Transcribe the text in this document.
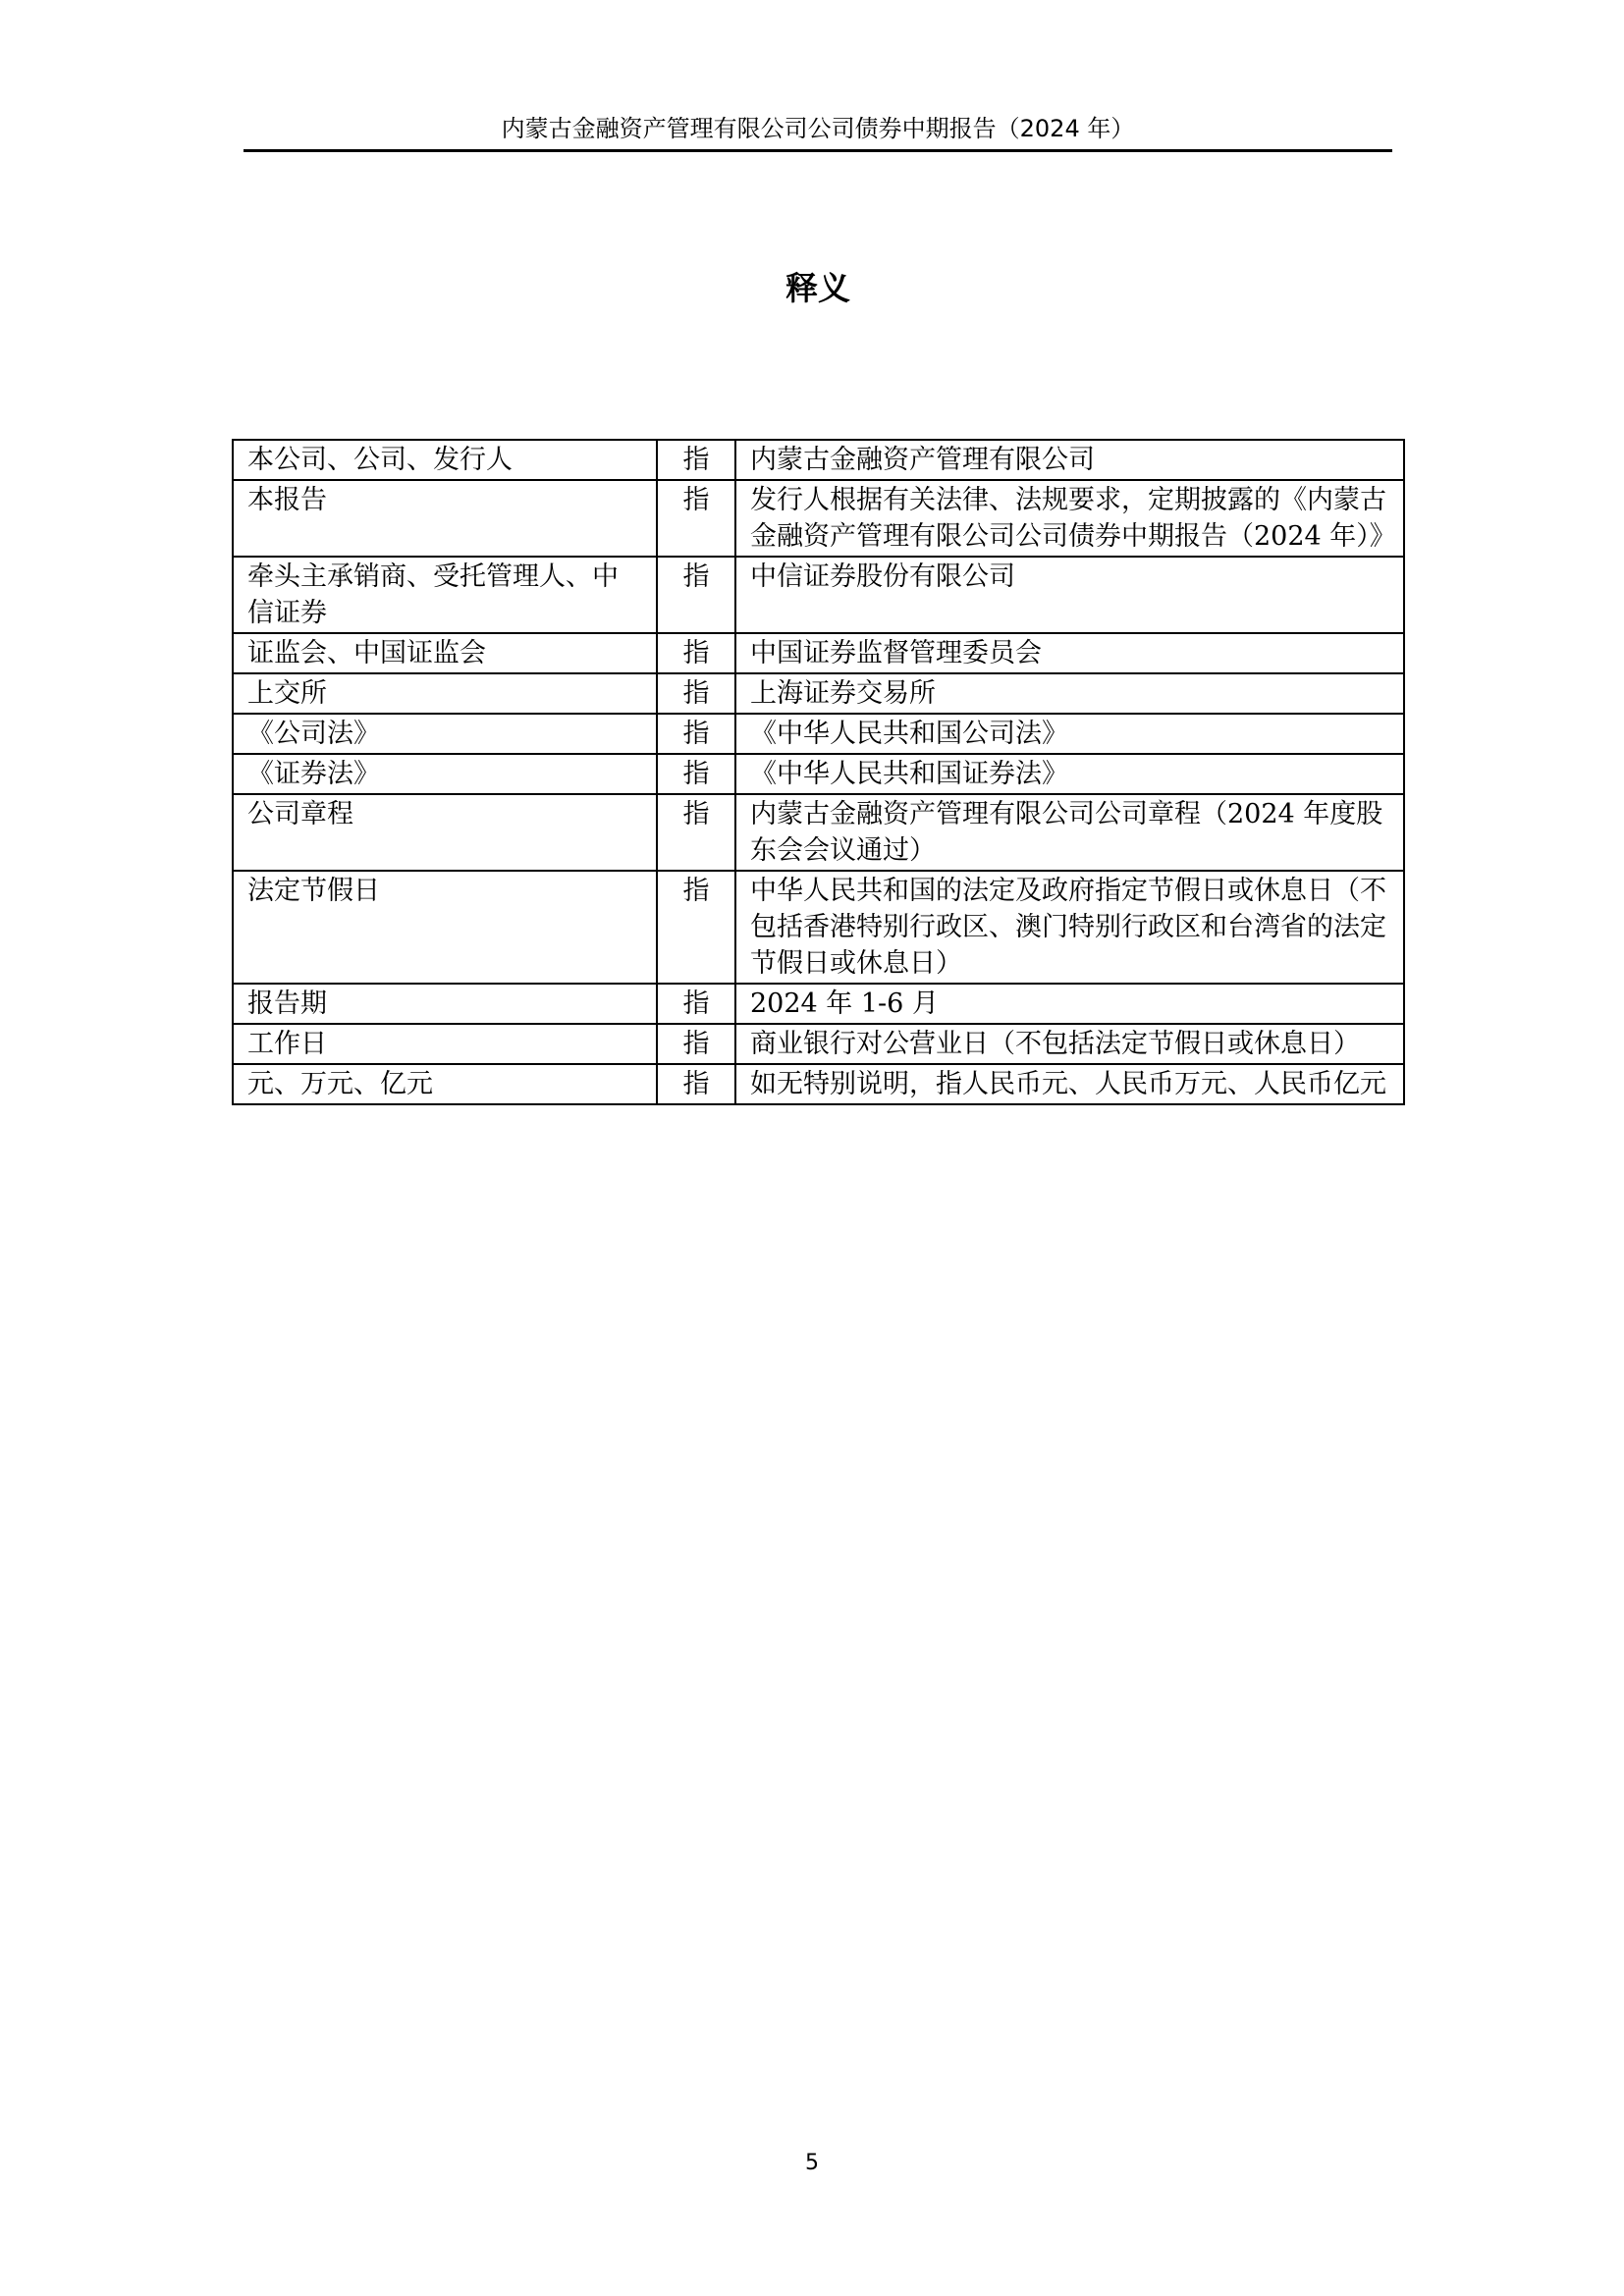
内蒙古金融资产管理有限公司公司债券中期报告（2024 年）
释义
本公司、公司、发行人	指	内蒙古金融资产管理有限公司
本报告	指	发行人根据有关法律、法规要求，定期披露的《内蒙古金融资产管理有限公司公司债券中期报告（2024 年）》
牵头主承销商、受托管理人、中信证券	指	中信证券股份有限公司
证监会、中国证监会	指	中国证券监督管理委员会
上交所	指	上海证券交易所
《公司法》	指	《中华人民共和国公司法》
《证券法》	指	《中华人民共和国证券法》
公司章程	指	内蒙古金融资产管理有限公司公司章程（2024 年度股东会会议通过）
法定节假日	指	中华人民共和国的法定及政府指定节假日或休息日（不包括香港特别行政区、澳门特别行政区和台湾省的法定节假日或休息日）
报告期	指	2024 年 1-6 月
工作日	指	商业银行对公营业日（不包括法定节假日或休息日）
元、万元、亿元	指	如无特别说明，指人民币元、人民币万元、人民币亿元
5
